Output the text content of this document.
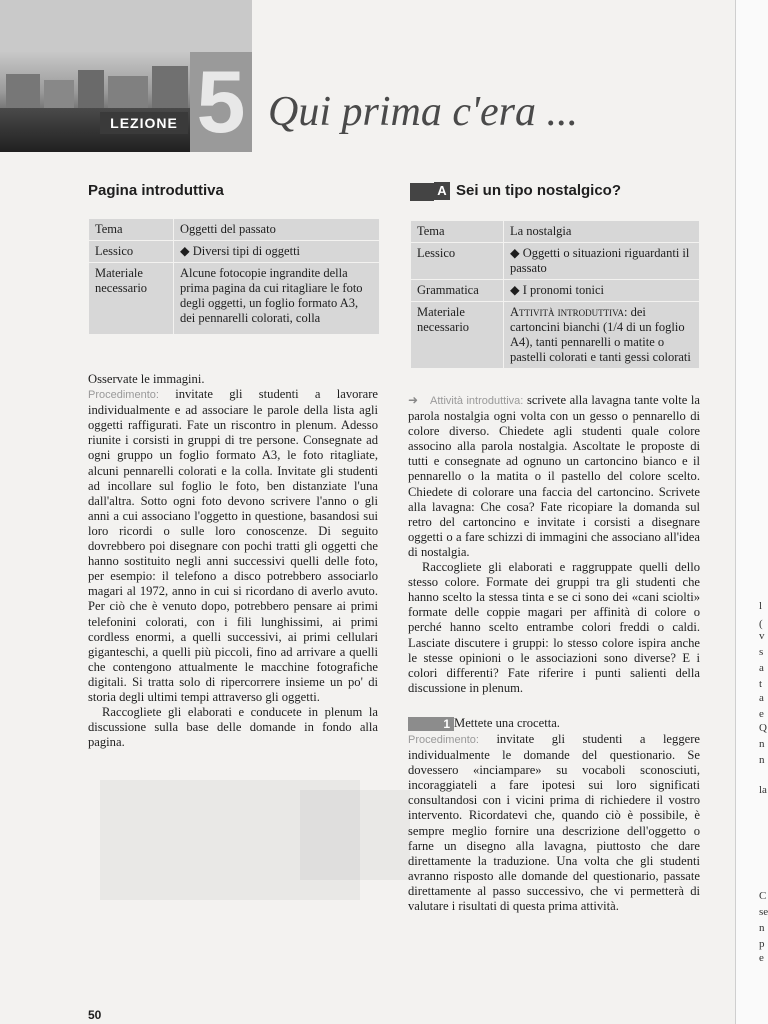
LEZIONE 5 Qui prima c'era ...
Pagina introduttiva
Tema	Oggetti del passato
Lessico	◆ Diversi tipi di oggetti
Materiale necessario	Alcune fotocopie ingrandite della prima pagina da cui ritagliare le foto degli oggetti, un foglio formato A3, dei pennarelli colorati, colla

Osservate le immagini.

Procedimento: invitate gli studenti a lavorare individualmente e ad associare le parole della lista agli oggetti raffigurati. Fate un riscontro in plenum. Adesso riunite i corsisti in gruppi di tre persone. Consegnate ad ogni gruppo un foglio formato A3, le foto ritagliate, alcuni pennarelli colorati e la colla. Invitate gli studenti ad incollare sul foglio le foto, ben distanziate l'una dall'altra. Sotto ogni foto devono scrivere l'anno o gli anni a cui associano l'oggetto in questione, basandosi sui loro ricordi o sulle loro conoscenze. Di seguito dovrebbero poi disegnare con pochi tratti gli oggetti che hanno sostituito negli anni successivi quelli delle foto, per esempio: il telefono a disco potrebbero associarlo magari al 1972, anno in cui si ricordano di averlo avuto. Per ciò che è venuto dopo, potrebbero pensare ai primi telefonini colorati, con i fili lunghissimi, ai primi cordless enormi, a quelli successivi, ai primi cellulari giganteschi, a quelli più piccoli, fino ad arrivare a quelli che contengono attualmente le macchine fotografiche digitali. Si tratta solo di ripercorrere insieme un po' di storia degli ultimi tempi attraverso gli oggetti.

Raccogliete gli elaborati e conducete in plenum la discussione sulla base delle domande in fondo alla pagina.

A Sei un tipo nostalgico?
Tema	La nostalgia
Lessico	◆ Oggetti o situazioni riguardanti il passato
Grammatica	◆ I pronomi tonici
Materiale necessario	Attività introduttiva: dei cartoncini bianchi (1/4 di un foglio A4), tanti pennarelli o matite o pastelli colorati e tanti gessi colorati

➜ Attività introduttiva: scrivete alla lavagna tante volte la parola nostalgia ogni volta con un gesso o pennarello di colore diverso. Chiedete agli studenti quale colore associno alla parola nostalgia. Ascoltate le proposte di tutti e consegnate ad ognuno un cartoncino bianco e il pennarello o la matita o il pastello del colore scelto. Chiedete di colorare una faccia del cartoncino. Scrivete alla lavagna: Che cosa? Fate ricopiare la domanda sul retro del cartoncino e invitate i corsisti a disegnare oggetti o a fare schizzi di immagini che associano all'idea di nostalgia.

Raccogliete gli elaborati e raggruppate quelli dello stesso colore. Formate dei gruppi tra gli studenti che hanno scelto la stessa tinta e se ci sono dei «cani sciolti» formate delle coppie magari per affinità di colore o perché hanno scelto entrambe colori freddi o caldi. Lasciate discutere i gruppi: lo stesso colore ispira anche le stesse opinioni o le associazioni sono diverse? E i colori differenti? Fate riferire i punti salienti della discussione in plenum.

1 Mettete una crocetta.

Procedimento: invitate gli studenti a leggere individualmente le domande del questionario. Se dovessero «inciampare» su vocaboli sconosciuti, incoraggiateli a fare ipotesi sui loro significati consultandosi con i vicini prima di richiedere il vostro intervento. Ricordatevi che, quando ciò è possibile, è sempre meglio fornire una descrizione dell'oggetto o farne un disegno alla lavagna, piuttosto che dare direttamente la traduzione. Una volta che gli studenti avranno risposto alle domande del questionario, passate direttamente al passo successivo, che vi permetterà di valutare i risultati di questa prima attività.

50
l
(
v
s
a
t
a
e
Q
n
n
la
C
se
n
p
e
